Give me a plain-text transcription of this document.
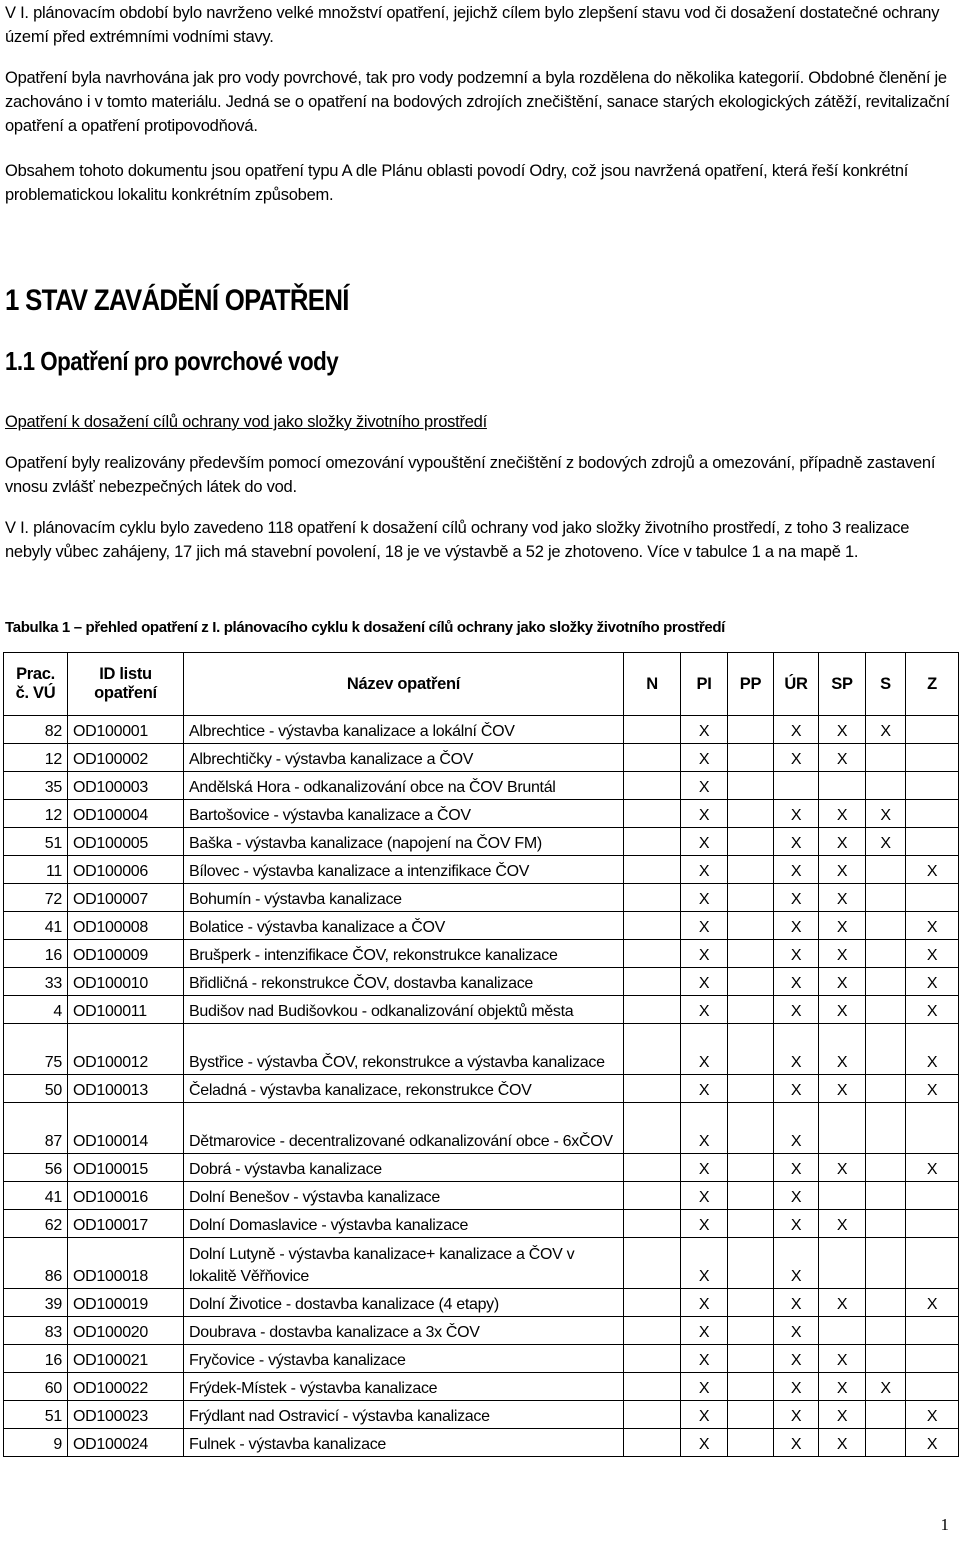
V I. plánovacím období bylo navrženo velké množství opatření, jejichž cílem bylo zlepšení stavu vod či dosažení dostatečné ochrany území před extrémními vodními stavy.

Opatření byla navrhována jak pro vody povrchové, tak pro vody podzemní a byla rozdělena do několika kategorií. Obdobné členění je zachováno i v tomto materiálu. Jedná se o opatření na bodových zdrojích znečištění, sanace starých ekologických zátěží, revitalizační opatření a opatření protipovodňová.

Obsahem tohoto dokumentu jsou opatření typu A dle Plánu oblasti povodí Odry, což jsou navržená opatření, která řeší konkrétní problematickou lokalitu konkrétním způsobem.

1 STAV ZAVÁDĚNÍ OPATŘENÍ
1.1 Opatření pro povrchové vody

Opatření k dosažení cílů ochrany vod jako složky životního prostředí

Opatření byly realizovány především pomocí omezování vypouštění znečištění z bodových zdrojů a omezování, případně zastavení vnosu zvlášť nebezpečných látek do vod.

V I. plánovacím cyklu bylo zavedeno 118 opatření k dosažení cílů ochrany vod jako složky životního prostředí, z toho 3 realizace nebyly vůbec zahájeny, 17 jich má stavební povolení, 18 je ve výstavbě a 52 je zhotoveno. Více v tabulce 1 a na mapě 1.

Tabulka 1 – přehled opatření z I. plánovacího cyklu k dosažení cílů ochrany jako složky životního prostředí

Prac. č. VÚ	ID listu opatření	Název opatření	N	PI	PP	ÚR	SP	S	Z
82	OD100001	Albrechtice - výstavba kanalizace a lokální ČOV		X		X	X	X	
12	OD100002	Albrechtičky - výstavba kanalizace a ČOV		X		X	X		
35	OD100003	Andělská Hora - odkanalizování obce na ČOV Bruntál		X					
12	OD100004	Bartošovice - výstavba kanalizace a ČOV		X		X	X	X	
51	OD100005	Baška - výstavba kanalizace (napojení na ČOV FM)		X		X	X	X	
11	OD100006	Bílovec - výstavba kanalizace a intenzifikace ČOV		X		X	X		X
72	OD100007	Bohumín - výstavba kanalizace		X		X	X		
41	OD100008	Bolatice - výstavba kanalizace a ČOV		X		X	X		X
16	OD100009	Brušperk - intenzifikace ČOV, rekonstrukce kanalizace		X		X	X		X
33	OD100010	Břidličná - rekonstrukce ČOV, dostavba kanalizace		X		X	X		X
4	OD100011	Budišov nad Budišovkou - odkanalizování objektů města		X		X	X		X
75	OD100012	Bystřice - výstavba ČOV, rekonstrukce a výstavba kanalizace		X		X	X		X
50	OD100013	Čeladná - výstavba kanalizace, rekonstrukce ČOV		X		X	X		X
87	OD100014	Dětmarovice - decentralizované odkanalizování obce - 6xČOV		X		X			
56	OD100015	Dobrá - výstavba kanalizace		X		X	X		X
41	OD100016	Dolní Benešov - výstavba kanalizace		X		X			
62	OD100017	Dolní Domaslavice - výstavba kanalizace		X		X	X		
86	OD100018	Dolní Lutyně - výstavba kanalizace+ kanalizace a ČOV v lokalitě Věřňovice		X		X			
39	OD100019	Dolní Životice - dostavba kanalizace (4 etapy)		X		X	X		X
83	OD100020	Doubrava - dostavba kanalizace a 3x ČOV		X		X			
16	OD100021	Fryčovice - výstavba kanalizace		X		X	X		
60	OD100022	Frýdek-Místek - výstavba kanalizace		X		X	X	X	
51	OD100023	Frýdlant nad Ostravicí - výstavba kanalizace		X		X	X		X
9	OD100024	Fulnek - výstavba kanalizace		X		X	X		X
1
